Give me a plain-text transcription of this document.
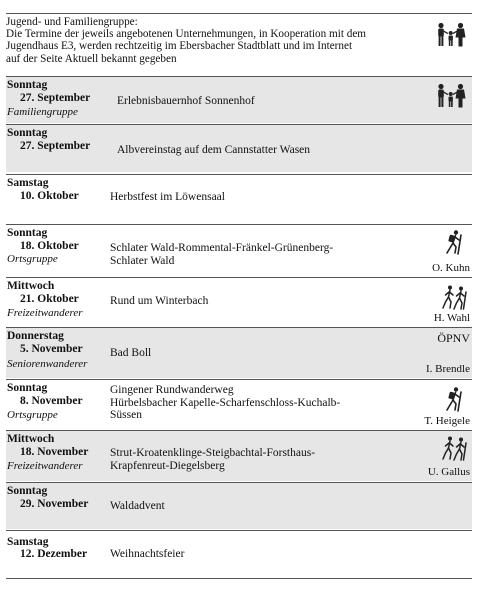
Jugend- und Familiengruppe:
Die Termine der jeweils angebotenen Unternehmungen, in Kooperation mit dem
Jugendhaus E3, werden rechtzeitig im Ebersbacher Stadtblatt und im Internet
auf der Seite Aktuell bekannt gegeben
Sonntag
27. September
Familiengruppe
Erlebnisbauernhof Sonnenhof
Sonntag
27. September Albvereinstag auf dem Cannstatter Wasen
Samstag
10. Oktober	Herbstfest im Löwensaal
Sonntag
18. Oktober
Ortsgruppe
Schlater Wald-Rommental-Fränkel-Grünenberg-
Schlater Wald
O. Kuhn
Mittwoch
21. Oktober
Freizeitwanderer
Rund um Winterbach
H. Wahl
Donnerstag
5. November
Seniorenwanderer
Bad Boll
ÖPNV
I. Brendle
Sonntag
8. November
Ortsgruppe
Gingener Rundwanderweg
Hürbelsbacher Kapelle-Scharfenschloss-Kuchalb-
Süssen	T. Heigele
Mittwoch
18. November
Freizeitwanderer
Strut-Kroatenklinge-Steigbachtal-Forsthaus-
Krapfenreut-Diegelsberg
U. Gallus
Sonntag
29. November Waldadvent
Samstag
12. Dezember Weihnachtsfeier
